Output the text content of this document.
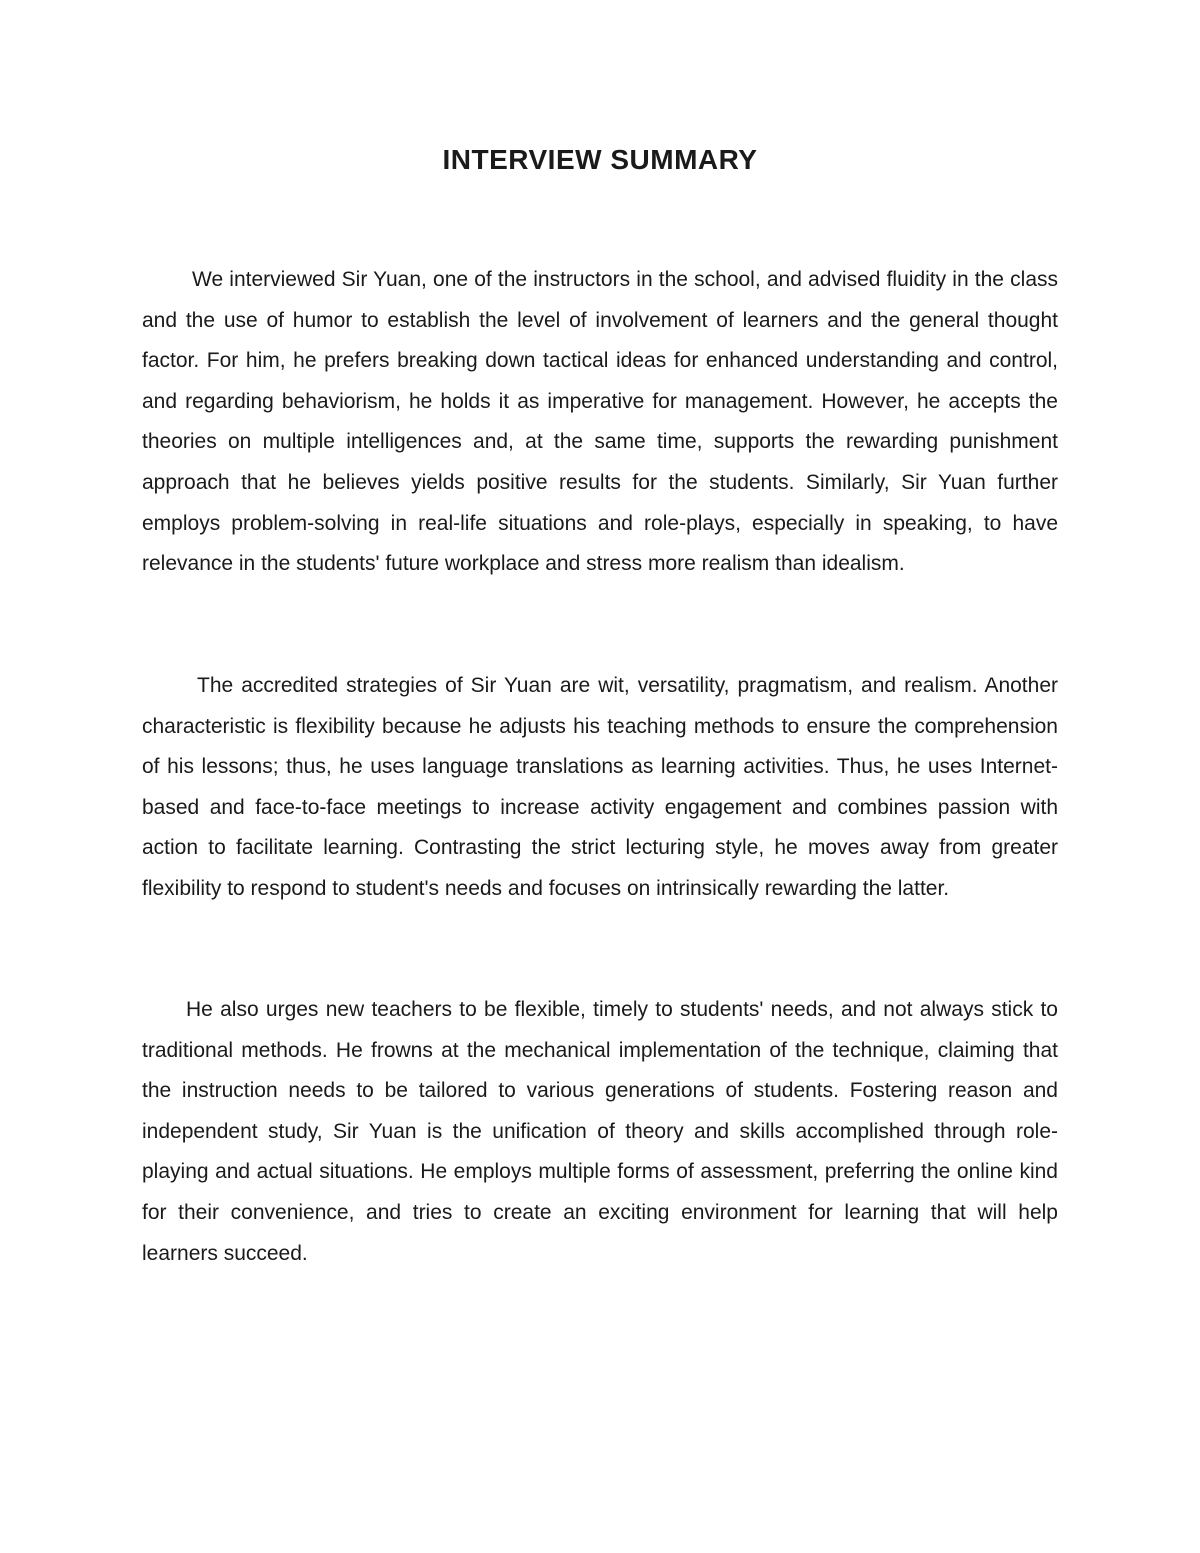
INTERVIEW SUMMARY

We interviewed Sir Yuan, one of the instructors in the school, and advised fluidity in the class and the use of humor to establish the level of involvement of learners and the general thought factor. For him, he prefers breaking down tactical ideas for enhanced understanding and control, and regarding behaviorism, he holds it as imperative for management. However, he accepts the theories on multiple intelligences and, at the same time, supports the rewarding punishment approach that he believes yields positive results for the students. Similarly, Sir Yuan further employs problem-solving in real-life situations and role-plays, especially in speaking, to have relevance in the students' future workplace and stress more realism than idealism.

The accredited strategies of Sir Yuan are wit, versatility, pragmatism, and realism. Another characteristic is flexibility because he adjusts his teaching methods to ensure the comprehension of his lessons; thus, he uses language translations as learning activities. Thus, he uses Internet-based and face-to-face meetings to increase activity engagement and combines passion with action to facilitate learning. Contrasting the strict lecturing style, he moves away from greater flexibility to respond to student's needs and focuses on intrinsically rewarding the latter.

He also urges new teachers to be flexible, timely to students' needs, and not always stick to traditional methods. He frowns at the mechanical implementation of the technique, claiming that the instruction needs to be tailored to various generations of students. Fostering reason and independent study, Sir Yuan is the unification of theory and skills accomplished through role-playing and actual situations. He employs multiple forms of assessment, preferring the online kind for their convenience, and tries to create an exciting environment for learning that will help learners succeed.
